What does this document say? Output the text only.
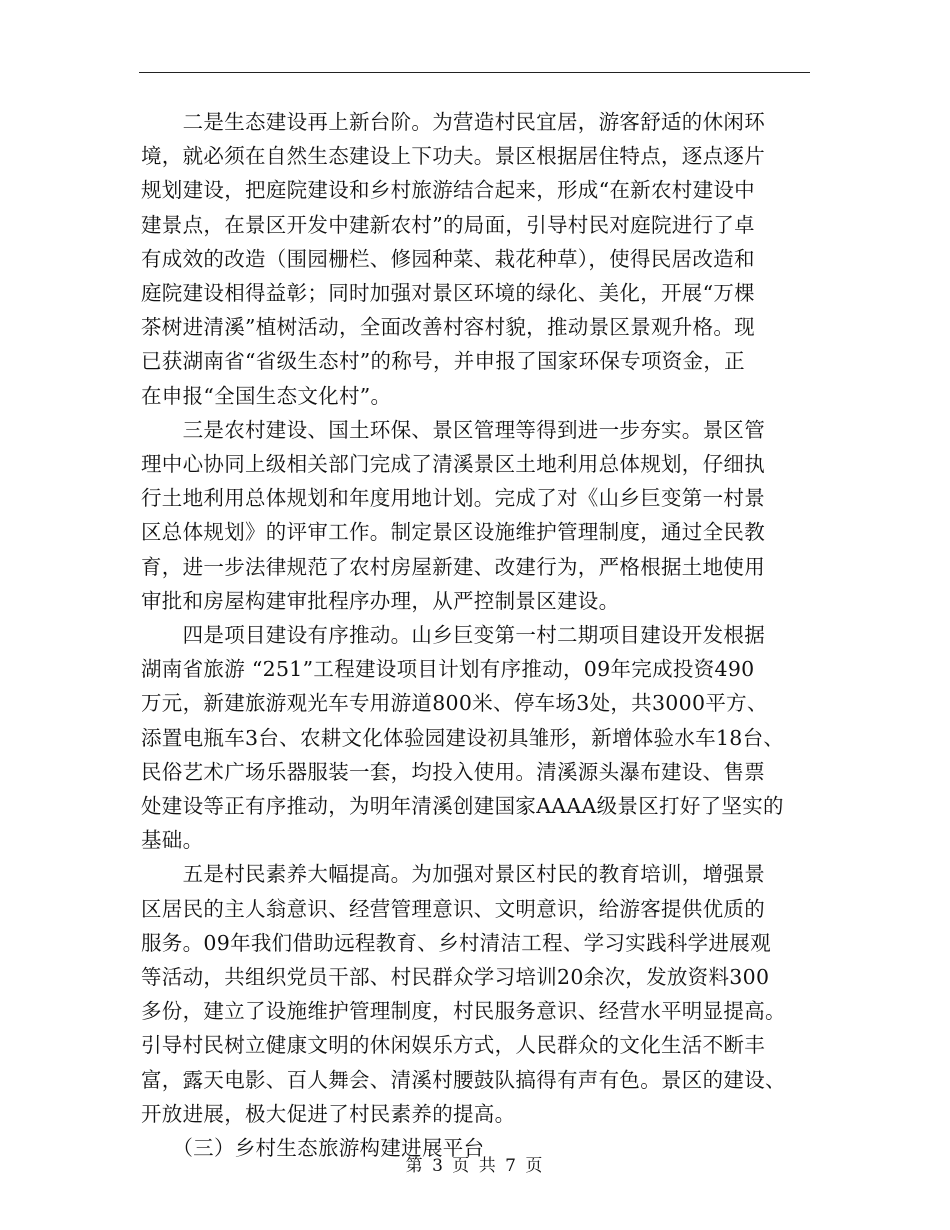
　　二是生态建设再上新台阶。为营造村民宜居，游客舒适的休闲环
境，就必须在自然生态建设上下功夫。景区根据居住特点，逐点逐片
规划建设，把庭院建设和乡村旅游结合起来，形成“在新农村建设中
建景点，在景区开发中建新农村”的局面，引导村民对庭院进行了卓
有成效的改造（围园栅栏、修园种菜、栽花种草），使得民居改造和
庭院建设相得益彰；同时加强对景区环境的绿化、美化，开展“万棵
茶树进清溪”植树活动，全面改善村容村貌，推动景区景观升格。现
已获湖南省“省级生态村”的称号，并申报了国家环保专项资金，正
在申报“全国生态文化村”。
　　三是农村建设、国土环保、景区管理等得到进一步夯实。景区管
理中心协同上级相关部门完成了清溪景区土地利用总体规划，仔细执
行土地利用总体规划和年度用地计划。完成了对《山乡巨变第一村景
区总体规划》的评审工作。制定景区设施维护管理制度，通过全民教
育，进一步法律规范了农村房屋新建、改建行为，严格根据土地使用
审批和房屋构建审批程序办理，从严控制景区建设。
　　四是项目建设有序推动。山乡巨变第一村二期项目建设开发根据
湖南省旅游 “251”工程建设项目计划有序推动，09年完成投资490
万元，新建旅游观光车专用游道800米、停车场3处，共3000平方、
添置电瓶车3台、农耕文化体验园建设初具雏形，新增体验水车18台、
民俗艺术广场乐器服装一套，均投入使用。清溪源头瀑布建设、售票
处建设等正有序推动，为明年清溪创建国家AAAA级景区打好了坚实的
基础。
　　五是村民素养大幅提高。为加强对景区村民的教育培训，增强景
区居民的主人翁意识、经营管理意识、文明意识，给游客提供优质的
服务。09年我们借助远程教育、乡村清洁工程、学习实践科学进展观
等活动，共组织党员干部、村民群众学习培训20余次，发放资料300
多份，建立了设施维护管理制度，村民服务意识、经营水平明显提高。
引导村民树立健康文明的休闲娱乐方式，人民群众的文化生活不断丰
富，露天电影、百人舞会、清溪村腰鼓队搞得有声有色。景区的建设、
开放进展，极大促进了村民素养的提高。
　　（三）乡村生态旅游构建进展平台
第 3 页 共 7 页
